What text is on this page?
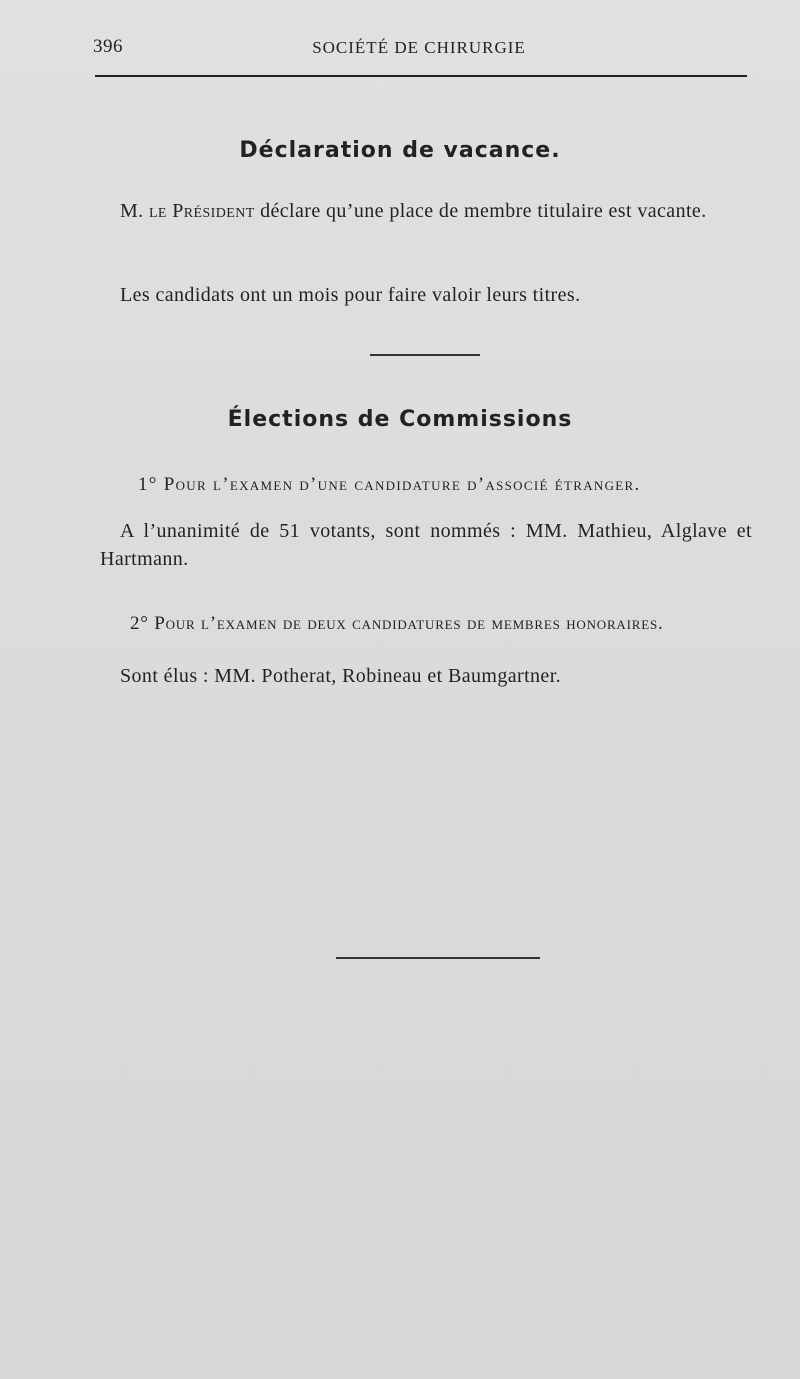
396	SOCIÉTÉ DE CHIRURGIE
Déclaration de vacance.

M. le Président déclare qu’une place de membre titulaire est vacante.

Les candidats ont un mois pour faire valoir leurs titres.

Élections de Commissions
1° Pour l’examen d’une candidature d’associé étranger.

A l’unanimité de 51 votants, sont nommés : MM. Mathieu, Alglave et Hartmann.

2° Pour l’examen de deux candidatures de membres honoraires.

Sont élus : MM. Potherat, Robineau et Baumgartner.
